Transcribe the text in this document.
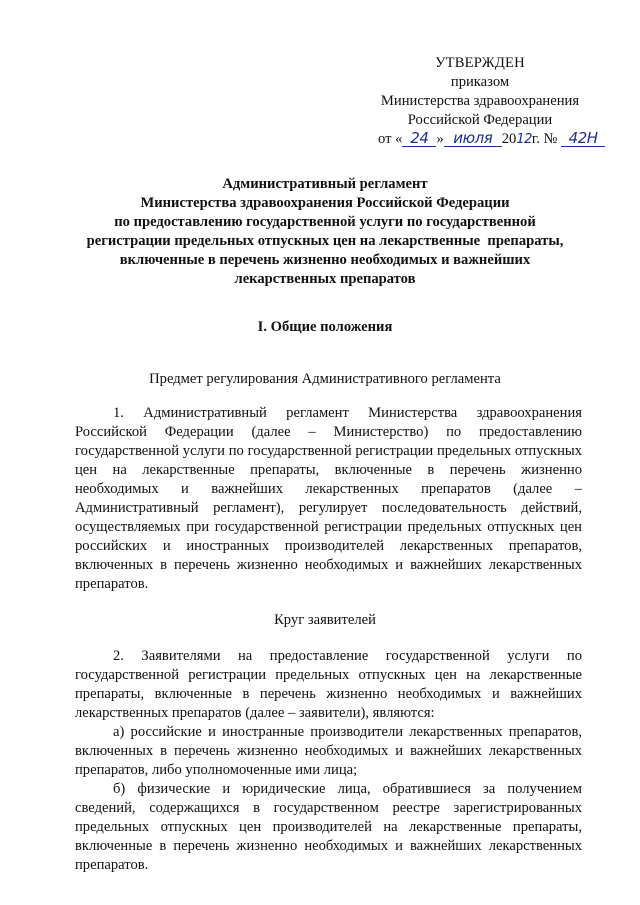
УТВЕРЖДЕН
приказом
Министерства здравоохранения
Российской Федерации
от « 24 » июля 2012г. № 42Н
Административный регламент
Министерства здравоохранения Российской Федерации
по предоставлению государственной услуги по государственной
регистрации предельных отпускных цен на лекарственные  препараты,
включенные в перечень жизненно необходимых и важнейших
лекарственных препаратов
I. Общие положения
Предмет регулирования Административного регламента

1. Административный регламент Министерства здравоохранения Российской Федерации (далее – Министерство) по предоставлению государственной услуги по государственной регистрации предельных отпускных цен на лекарственные препараты, включенные в перечень жизненно необходимых и важнейших лекарственных препаратов (далее – Административный регламент), регулирует последовательность действий, осуществляемых при государственной регистрации предельных отпускных цен российских и иностранных производителей лекарственных препаратов, включенных в перечень жизненно необходимых и важнейших лекарственных препаратов.

Круг заявителей

2. Заявителями на предоставление государственной услуги по государственной регистрации предельных отпускных цен на лекарственные препараты, включенные в перечень жизненно необходимых и важнейших лекарственных препаратов (далее – заявители), являются:

а) российские и иностранные производители лекарственных препаратов, включенных в перечень жизненно необходимых и важнейших лекарственных препаратов, либо уполномоченные ими лица;

б) физические и юридические лица, обратившиеся за получением сведений, содержащихся в государственном реестре зарегистрированных предельных отпускных цен производителей на лекарственные препараты, включенные в перечень жизненно необходимых и важнейших лекарственных препаратов.
